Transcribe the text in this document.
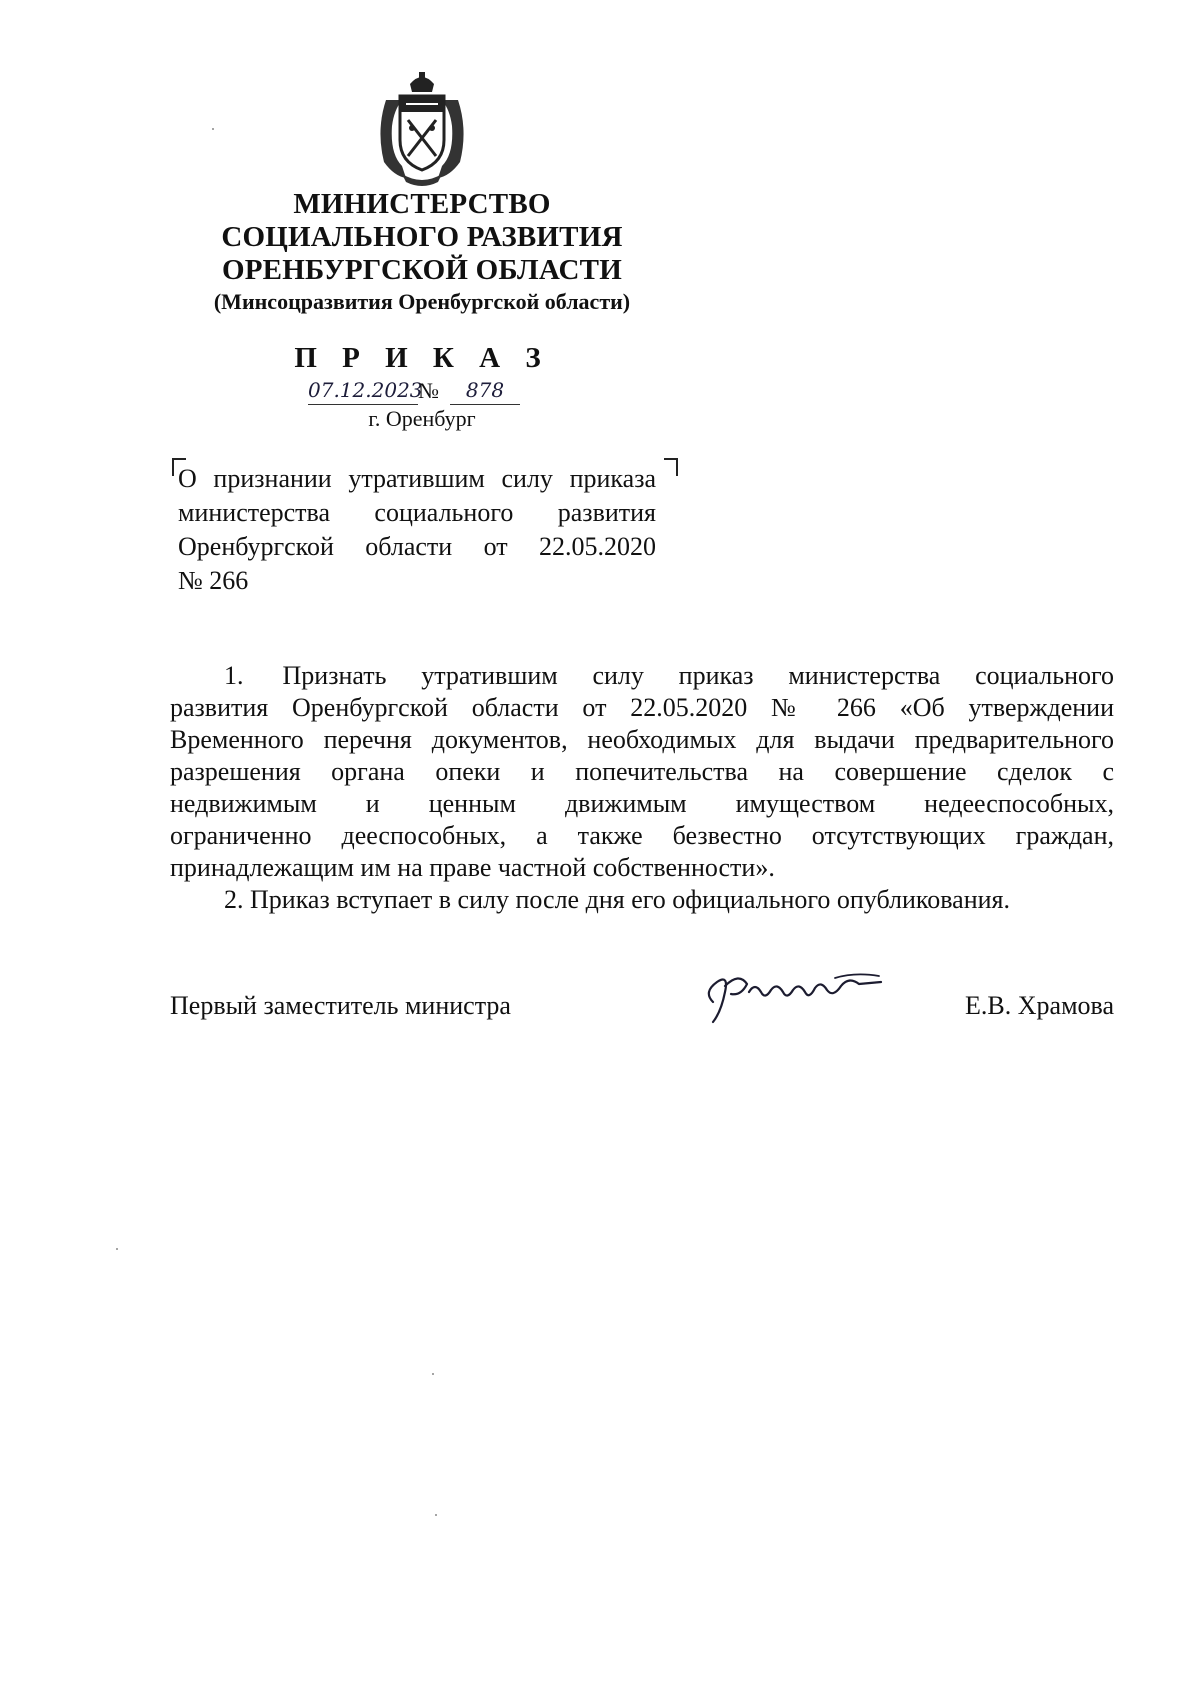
МИНИСТЕРСТВО
СОЦИАЛЬНОГО РАЗВИТИЯ
ОРЕНБУРГСКОЙ ОБЛАСТИ
(Минсоцразвития Оренбургской области)
П Р И К А З
07.12.2023
№	878
г. Оренбург
О признании утратившим силу приказа
министерства социального развития
Оренбургской области от 22.05.2020
№ 266

1.  Признать утратившим силу приказ министерства социального
развития Оренбургской области от 22.05.2020 № 266 «Об утверждении
Временного перечня документов, необходимых для выдачи предварительного
разрешения органа опеки и попечительства на совершение сделок с
недвижимым и ценным движимым имуществом недееспособных,
ограниченно дееспособных, а также безвестно отсутствующих граждан,
принадлежащим им на праве частной собственности».

2. Приказ вступает в силу после дня его официального опубликования.

Первый заместитель министра	Е.В. Храмова
